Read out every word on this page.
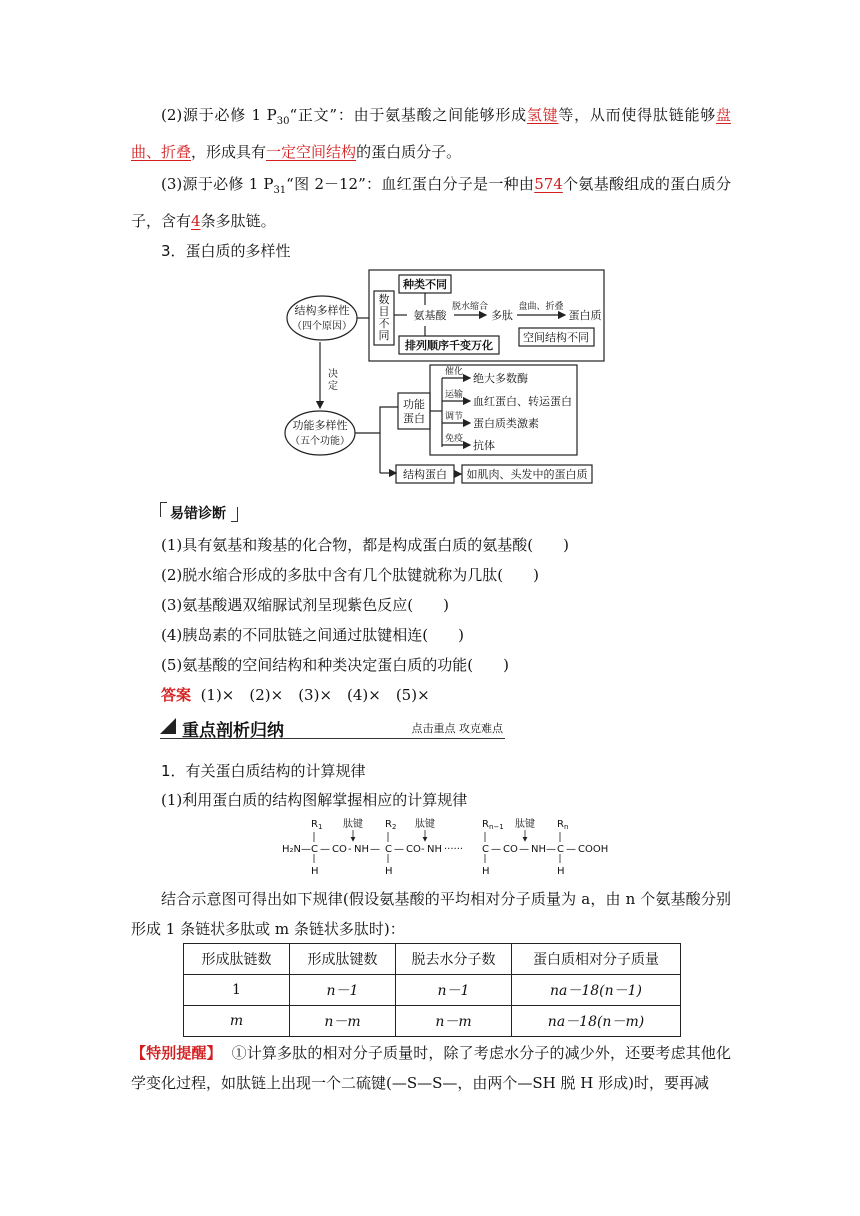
(2)源于必修 1 $P_{30}“$正文”：由于氨基酸之间能够形成氢键等，从而使得肽链能够盘曲、折叠，形成具有一定空间结构的蛋白质分子。
(3)源于必修 1 $P_{31}“$图 2－12”：血红蛋白分子是一种由574个氨基酸组成的蛋白质分子，含有4条多肽链。
3．蛋白质的多样性
结构多样性
（四个原因）
数
目
不
同
种类不同
氨基酸
脱水缩合
多肽
盘曲、折叠
蛋白质
排列顺序千变万化
空间结构不同
决
定
功能多样性
（五个功能）
功能
蛋白
催化 绝大多数酶
运输 血红蛋白、转运蛋白
调节 蛋白质类激素
免疫 抗体
结构蛋白 如肌肉、头发中的蛋白质
易错诊断
(1)具有氨基和羧基的化合物，都是构成蛋白质的氨基酸(　　)
(2)脱水缩合形成的多肽中含有几个肽键就称为几肽(　　)
(3)氨基酸遇双缩脲试剂呈现紫色反应(　　)
(4)胰岛素的不同肽链之间通过肽键相连(　　)
(5)氨基酸的空间结构和种类决定蛋白质的功能(　　)
答案 (1)×　(2)×　(3)×　(4)×　(5)×
重点剖析归纳	点击重点 攻克难点
1．有关蛋白质结构的计算规律
(1)利用蛋白质的结构图解掌握相应的计算规律
$R_1$	$R_2$	$R_{n-1}$	$R_n$
肽键	肽键	肽键
H₂N — C — CO - NH — C — CO - NH ······ C — CO — NH — C — COOH
H	H	H	H
结合示意图可得出如下规律(假设氨基酸的平均相对分子质量为 a，由 n 个氨基酸分别形成 1 条链状多肽或 m 条链状多肽时)：
形成肽链数	形成肽键数	脱去水分子数	蛋白质相对分子质量
1	n－1	n－1	na－18(n－1)
m	n－m	n－m	na－18(n－m)
【特别提醒】 ①计算多肽的相对分子质量时，除了考虑水分子的减少外，还要考虑其他化学变化过程，如肽链上出现一个二硫键(—S—S—，由两个—SH 脱 H 形成)时，要再减
